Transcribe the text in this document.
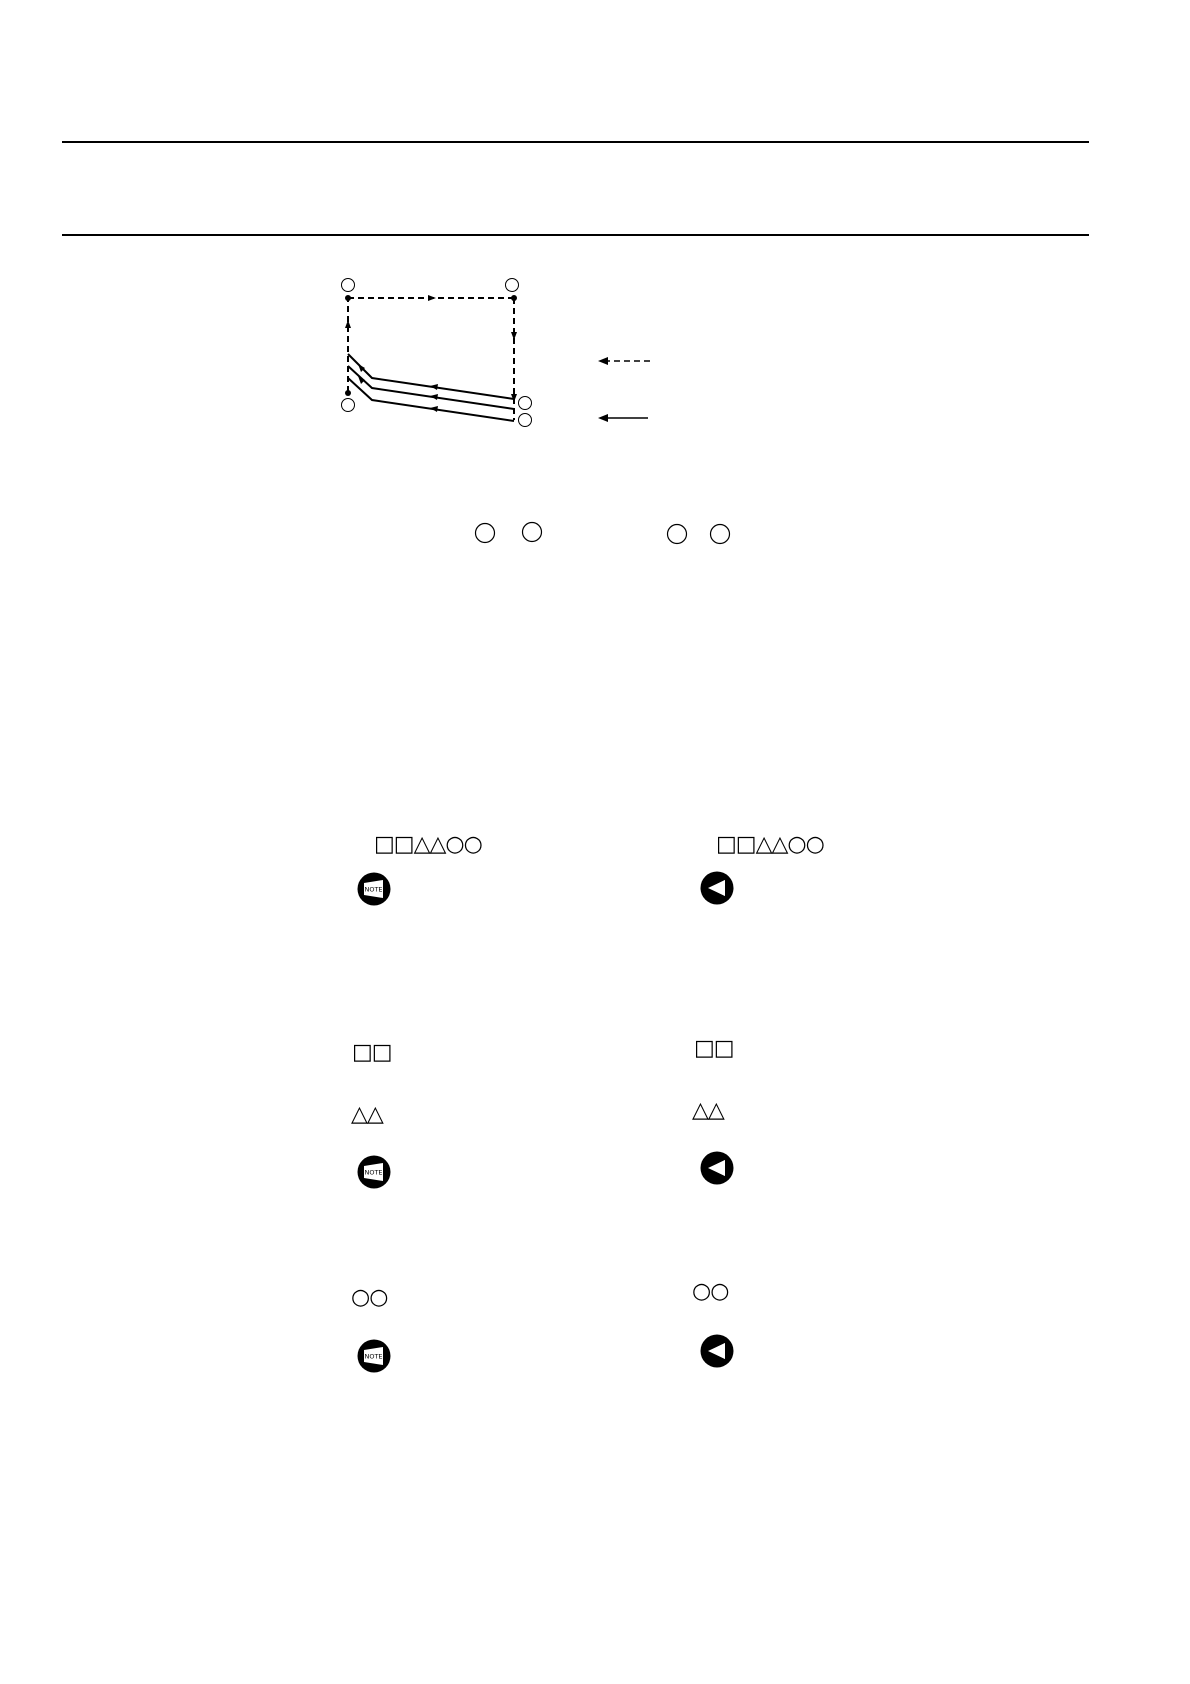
□□△△○○	□□△△○○
□□	□□
△△	△△
○○	○○
NOTE
NOTE
NOTE
